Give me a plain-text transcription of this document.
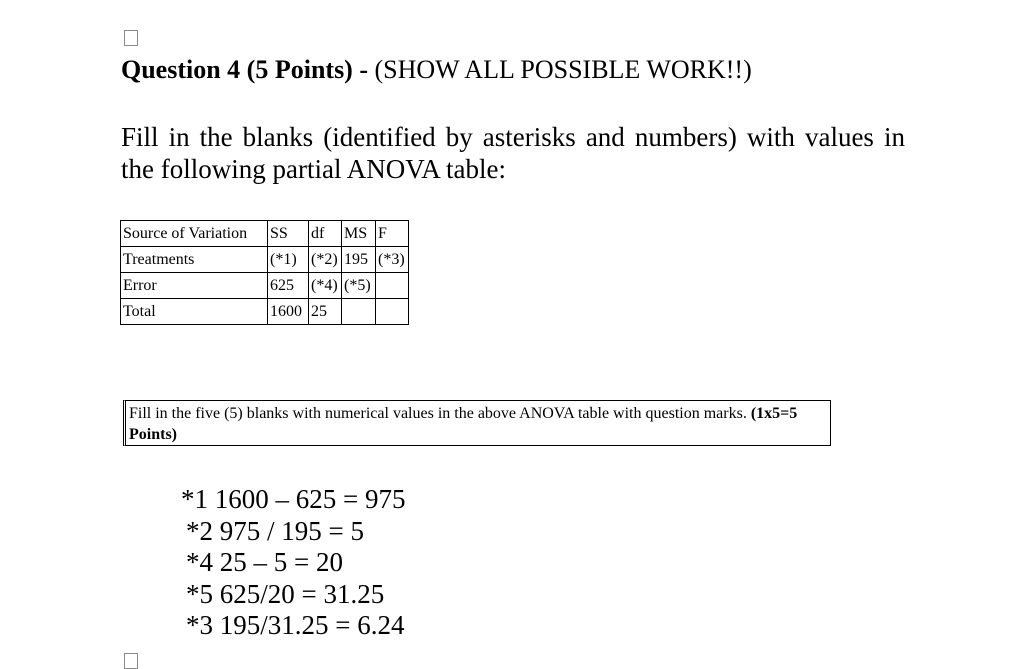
Question 4 (5 Points) - (SHOW ALL POSSIBLE WORK!!)
Fill in the blanks (identified by asterisks and numbers) with values in the following partial ANOVA table:
Source of Variation	SS	df	MS	F
Treatments	(*1)	(*2)	195	(*3)
Error	625	(*4)	(*5)	
Total	1600	25		
Fill in the five (5) blanks with numerical values in the above ANOVA table with question marks. (1x5=5 Points)
*1 1600 – 625 = 975
*2 975 / 195 = 5
*4 25 – 5 = 20
*5 625/20 = 31.25
*3 195/31.25 = 6.24
